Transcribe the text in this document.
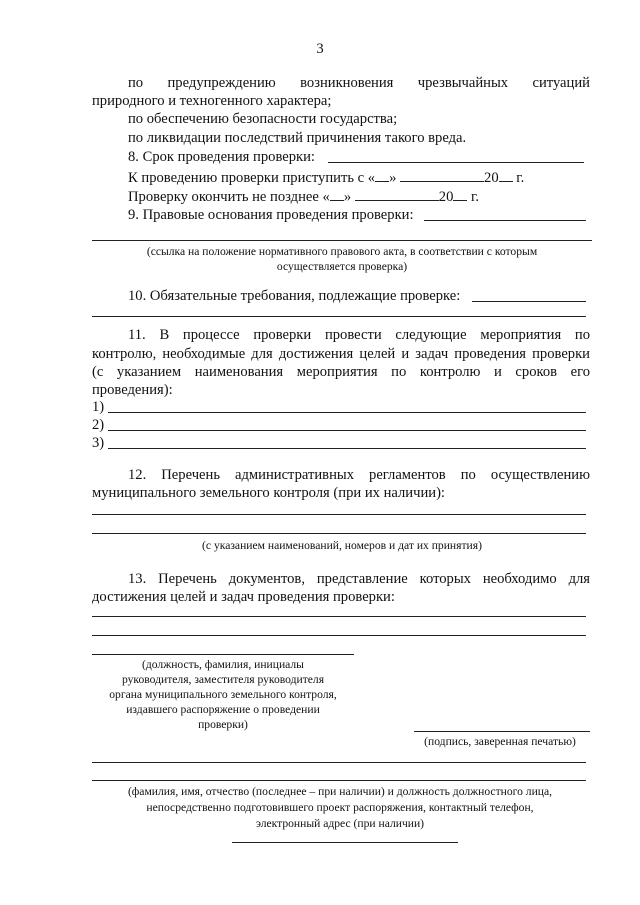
3
по предупреждению возникновения чрезвычайных ситуаций
природного и техногенного характера;
по обеспечению безопасности государства;
по ликвидации последствий причинения такого вреда.
8. Срок проведения проверки:
К проведению проверки приступить с « »	20 г.
Проверку окончить не позднее « »	20 г.
9. Правовые основания проведения проверки:
(ссылка на положение нормативного правового акта, в соответствии с которым
осуществляется проверка)
10. Обязательные требования, подлежащие проверке:
11. В процессе проверки провести следующие мероприятия по
контролю, необходимые для достижения целей и задач проведения проверки
(с указанием наименования мероприятия по контролю и сроков его
проведения):
1)
2)
3)
12. Перечень административных регламентов по осуществлению
муниципального земельного контроля (при их наличии):
(с указанием наименований, номеров и дат их принятия)
13. Перечень документов, представление которых необходимо для
достижения целей и задач проведения проверки:
(должность, фамилия, инициалы
руководителя, заместителя руководителя
органа муниципального земельного контроля,
издавшего распоряжение о проведении
проверки)
(подпись, заверенная печатью)
(фамилия, имя, отчество (последнее – при наличии) и должность должностного лица,
непосредственно подготовившего проект распоряжения, контактный телефон,
электронный адрес (при наличии)
